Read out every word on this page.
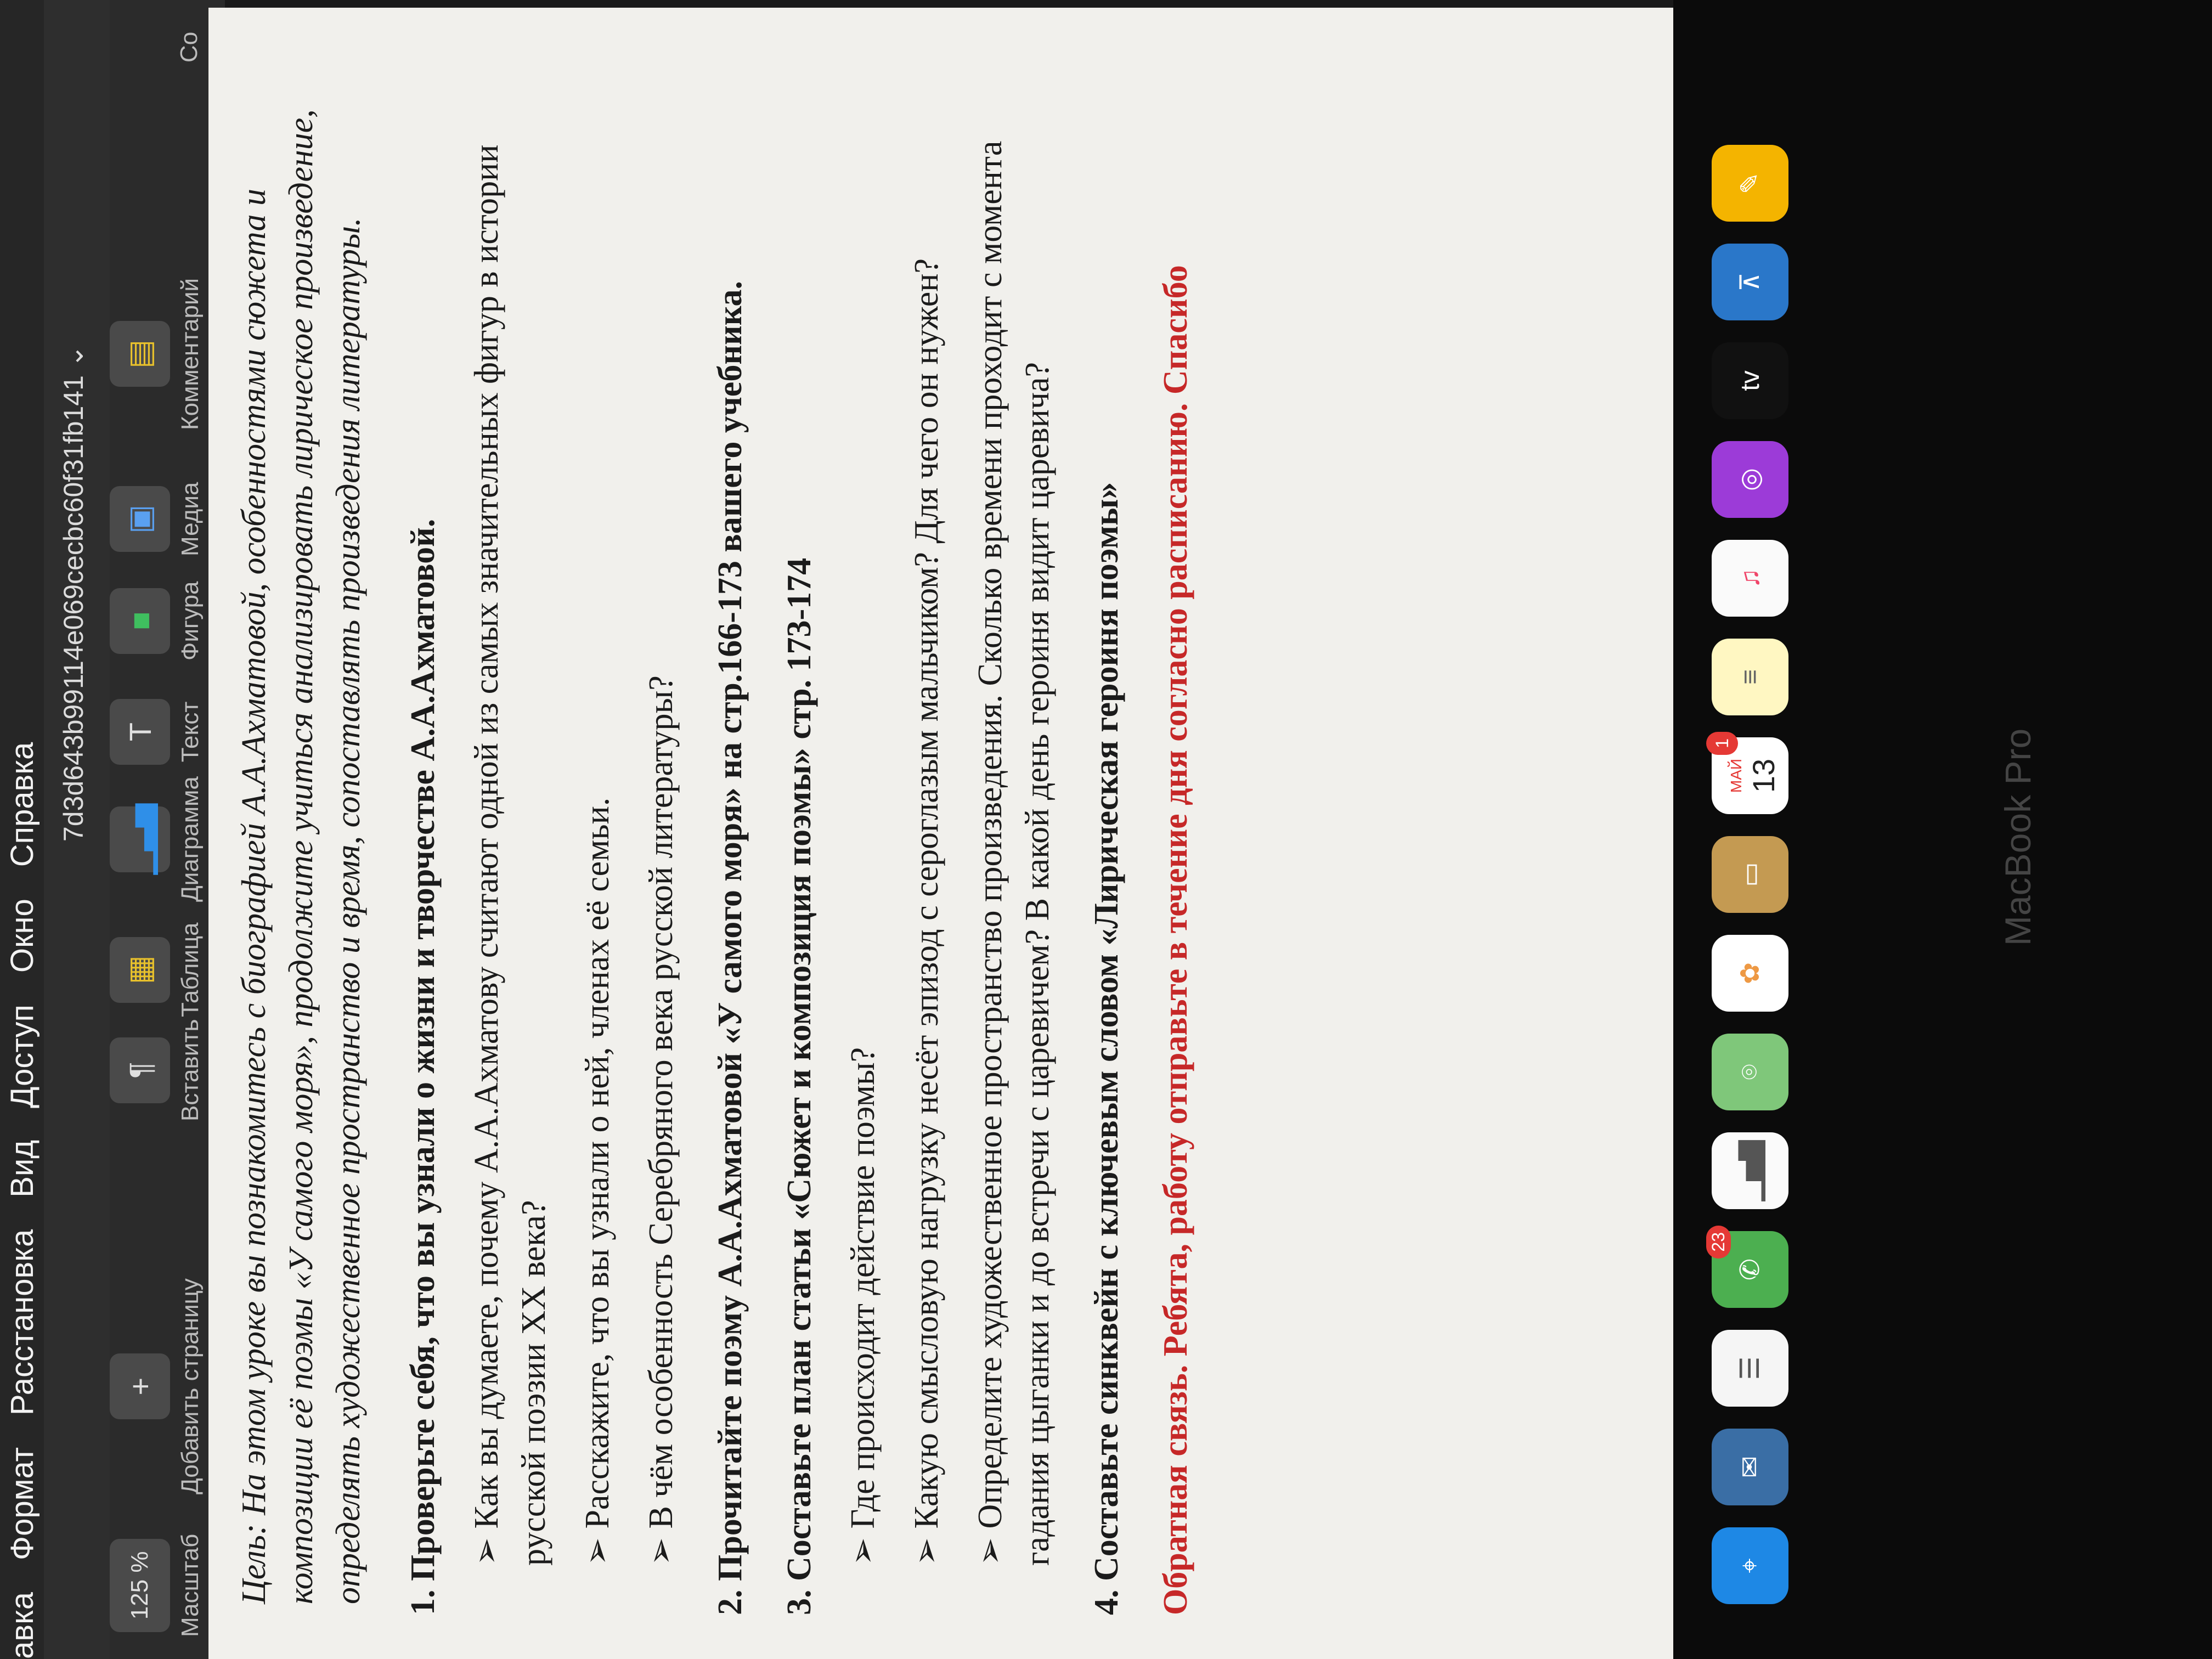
авка
Формат
Расстановка
Вид
Доступ
Окно
Справка 7d3d643b99114e069cecbc60f31fb141 ⌄
125 % Масштаб
+ Добавить страницу
¶ Вставить
▦ Таблица
▁▃▅ Диаграмма
T Текст
■ Фигура
▣ Медиа
▤ Комментарий
Со

Цель: На этом уроке вы познакомитесь с биографией А.А.Ахматовой, особенностями сюжета и композиции её поэмы «У самого моря», продолжите учиться анализировать лирическое произведение, определять художественное пространство и время, сопоставлять произведения литературы. 1. Проверьте себя, что вы узнали о жизни и творчестве А.А.Ахматовой. ➢ Как вы думаете, почему А.А.Ахматову считают одной из самых значительных фигур в истории русской поэзии XX века? ➢ Расскажите, что вы узнали о ней, членах её семьи. ➢ В чём особенность Серебряного века русской литературы? 2. Прочитайте поэму А.А.Ахматовой «У самого моря» на стр.166-173 вашего учебника. 3. Составьте план статьи «Сюжет и композиция поэмы» стр. 173-174 ➢ Где происходит действие поэмы? ➢ Какую смысловую нагрузку несёт эпизод с сероглазым мальчиком? Для чего он нужен? ➢ Определите художественное пространство произведения. Сколько времени проходит с момента гадания цыганки и до встречи с царевичем? В какой день героиня видит царевича? 4. Составьте синквейн с ключевым словом «Лирическая героиня поэмы» Обратная связь. Ребята, работу отправьте в течение дня согласно расписанию. Спасибо	⌖
✉
☰
✆
23
▁▅▇
⌾
✿
▭
МАЙ 13
1
≡
♫
◎
tv
⊼
✎
MacBook Pro
